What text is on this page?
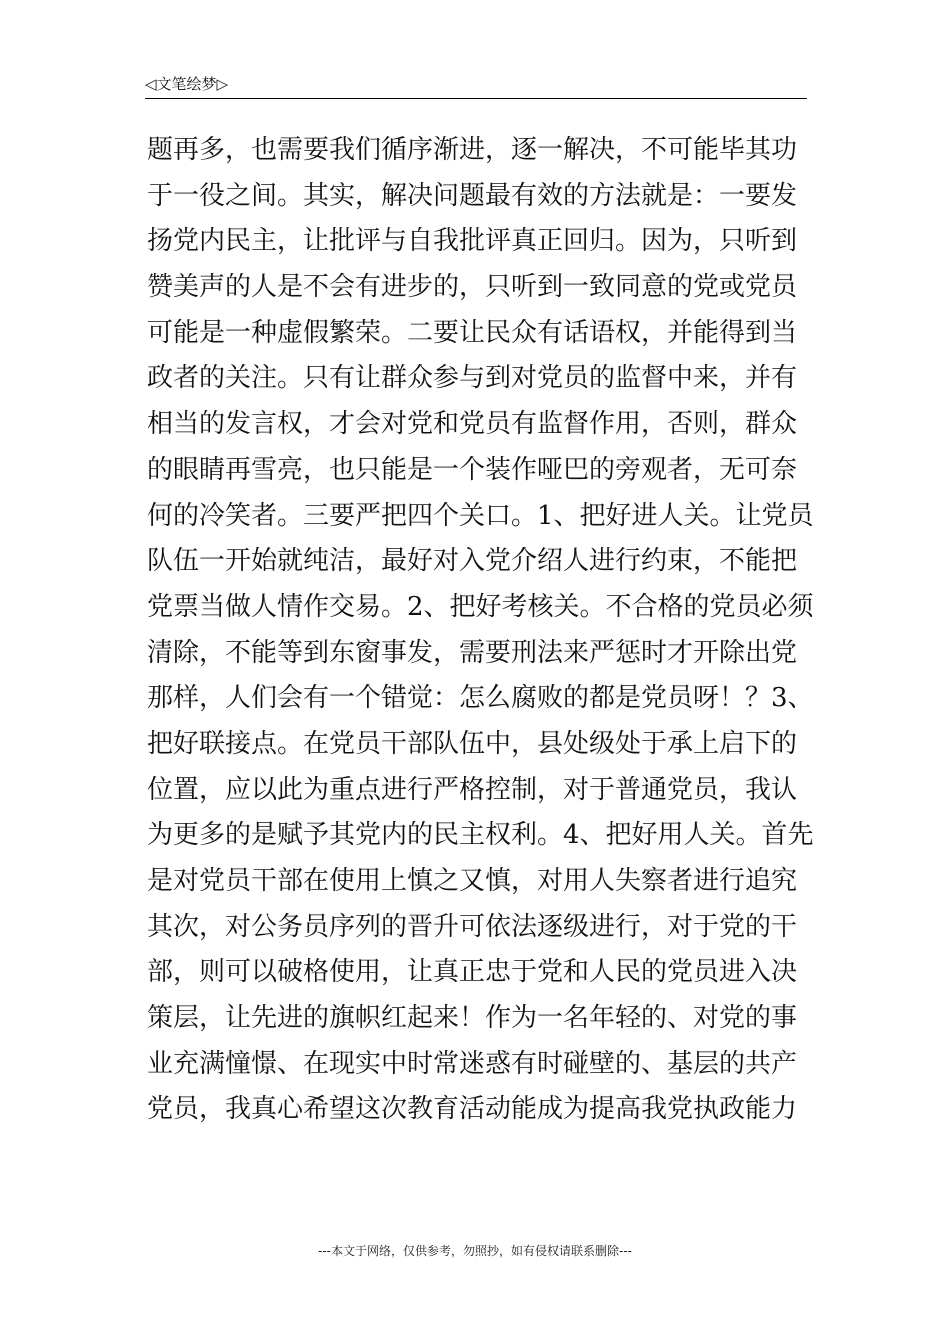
◁文笔绘梦▷
题再多，也需要我们循序渐进，逐一解决，不可能毕其功
于一役之间。其实，解决问题最有效的方法就是：一要发
扬党内民主，让批评与自我批评真正回归。因为，只听到
赞美声的人是不会有进步的，只听到一致同意的党或党员
可能是一种虚假繁荣。二要让民众有话语权，并能得到当
政者的关注。只有让群众参与到对党员的监督中来，并有
相当的发言权，才会对党和党员有监督作用，否则，群众
的眼睛再雪亮，也只能是一个装作哑巴的旁观者，无可奈
何的冷笑者。三要严把四个关口。1、把好进人关。让党员
队伍一开始就纯洁，最好对入党介绍人进行约束，不能把
党票当做人情作交易。2、把好考核关。不合格的党员必须
清除，不能等到东窗事发，需要刑法来严惩时才开除出党
那样，人们会有一个错觉：怎么腐败的都是党员呀！？3、
把好联接点。在党员干部队伍中，县处级处于承上启下的
位置，应以此为重点进行严格控制，对于普通党员，我认
为更多的是赋予其党内的民主权利。4、把好用人关。首先
是对党员干部在使用上慎之又慎，对用人失察者进行追究
其次，对公务员序列的晋升可依法逐级进行，对于党的干
部，则可以破格使用，让真正忠于党和人民的党员进入决
策层，让先进的旗帜红起来！作为一名年轻的、对党的事
业充满憧憬、在现实中时常迷惑有时碰壁的、基层的共产
党员，我真心希望这次教育活动能成为提高我党执政能力
---本文于网络，仅供参考，勿照抄，如有侵权请联系删除---
